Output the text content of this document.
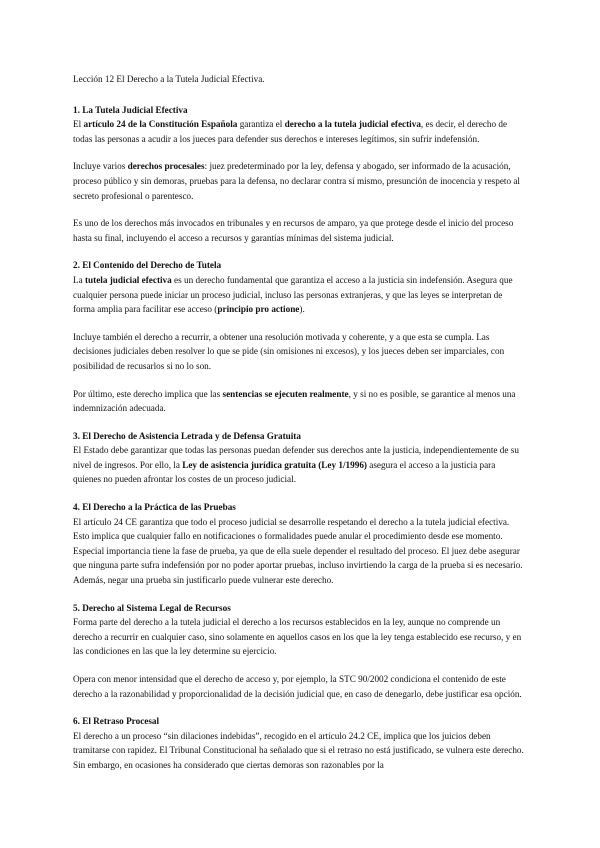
Lección 12 El Derecho a la Tutela Judicial Efectiva.
1. La Tutela Judicial Efectiva

El artículo 24 de la Constitución Española garantiza el derecho a la tutela judicial efectiva, es decir, el derecho de todas las personas a acudir a los jueces para defender sus derechos e intereses legítimos, sin sufrir indefensión.

Incluye varios derechos procesales: juez predeterminado por la ley, defensa y abogado, ser informado de la acusación, proceso público y sin demoras, pruebas para la defensa, no declarar contra sí mismo, presunción de inocencia y respeto al secreto profesional o parentesco.

Es uno de los derechos más invocados en tribunales y en recursos de amparo, ya que protege desde el inicio del proceso hasta su final, incluyendo el acceso a recursos y garantías mínimas del sistema judicial.

2. El Contenido del Derecho de Tutela

La tutela judicial efectiva es un derecho fundamental que garantiza el acceso a la justicia sin indefensión. Asegura que cualquier persona puede iniciar un proceso judicial, incluso las personas extranjeras, y que las leyes se interpretan de forma amplia para facilitar ese acceso (principio pro actione).

Incluye también el derecho a recurrir, a obtener una resolución motivada y coherente, y a que esta se cumpla. Las decisiones judiciales deben resolver lo que se pide (sin omisiones ni excesos), y los jueces deben ser imparciales, con posibilidad de recusarlos si no lo son.

Por último, este derecho implica que las sentencias se ejecuten realmente, y si no es posible, se garantice al menos una indemnización adecuada.

3. El Derecho de Asistencia Letrada y de Defensa Gratuita

El Estado debe garantizar que todas las personas puedan defender sus derechos ante la justicia, independientemente de su nivel de ingresos. Por ello, la Ley de asistencia jurídica gratuita (Ley 1/1996) asegura el acceso a la justicia para quienes no pueden afrontar los costes de un proceso judicial.

4. El Derecho a la Práctica de las Pruebas

El artículo 24 CE garantiza que todo el proceso judicial se desarrolle respetando el derecho a la tutela judicial efectiva. Esto implica que cualquier fallo en notificaciones o formalidades puede anular el procedimiento desde ese momento. Especial importancia tiene la fase de prueba, ya que de ella suele depender el resultado del proceso. El juez debe asegurar que ninguna parte sufra indefensión por no poder aportar pruebas, incluso invirtiendo la carga de la prueba si es necesario. Además, negar una prueba sin justificarlo puede vulnerar este derecho.

5. Derecho al Sistema Legal de Recursos

Forma parte del derecho a la tutela judicial el derecho a los recursos establecidos en la ley, aunque no comprende un derecho a recurrir en cualquier caso, sino solamente en aquellos casos en los que la ley tenga establecido ese recurso, y en las condiciones en las que la ley determine su ejercicio.

Opera con menor intensidad que el derecho de acceso y, por ejemplo, la STC 90/2002 condiciona el contenido de este derecho a la razonabilidad y proporcionalidad de la decisión judicial que, en caso de denegarlo, debe justificar esa opción.

6. El Retraso Procesal

El derecho a un proceso “sin dilaciones indebidas”, recogido en el artículo 24.2 CE, implica que los juicios deben tramitarse con rapidez. El Tribunal Constitucional ha señalado que si el retraso no está justificado, se vulnera este derecho. Sin embargo, en ocasiones ha considerado que ciertas demoras son razonables por la
